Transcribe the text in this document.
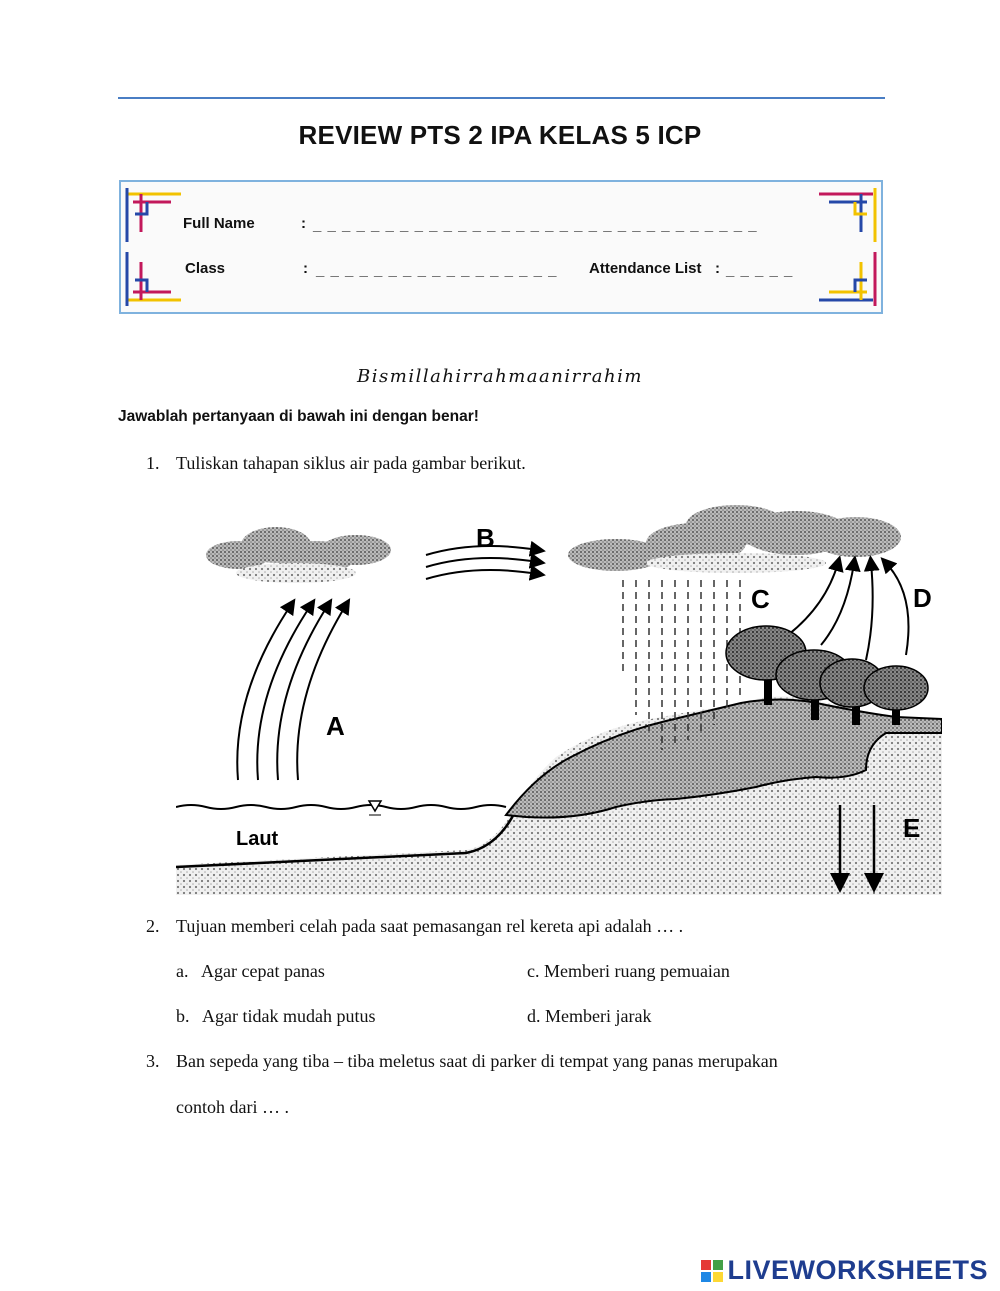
REVIEW PTS 2 IPA KELAS 5 ICP
Full Name	: _ _ _ _ _ _ _ _ _ _ _ _ _ _ _ _ _ _ _ _ _ _ _ _ _ _ _ _ _ _ _
Class	: _ _ _ _ _ _ _ _ _ _ _ _ _ _ _ _ _ Attendance List : _ _ _ _ _
Bismillahirrahmaanirrahim
Jawablah pertanyaan di bawah ini dengan benar!
1. Tuliskan tahapan siklus air pada gambar berikut.
A
B
C	D
E
Laut
2. Tujuan memberi celah pada saat pemasangan rel kereta api adalah … .
a.   Agar cepat panas	c. Memberi ruang pemuaian
b.   Agar tidak mudah putus	d. Memberi jarak
3. Ban sepeda yang tiba – tiba meletus saat di parker di tempat yang panas merupakan
contoh dari … .
LIVEWORKSHEETS
